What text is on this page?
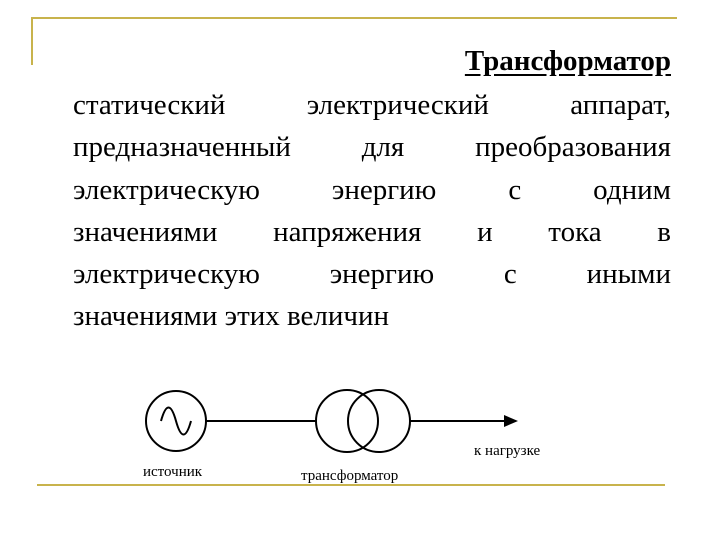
Трансформатор
статический электрический аппарат,
предназначенный для преобразования
электрическую энергию с одним
значениями напряжения и тока в
электрическую энергию с иными
значениями этих величин
источник	трансформатор
к нагрузке
